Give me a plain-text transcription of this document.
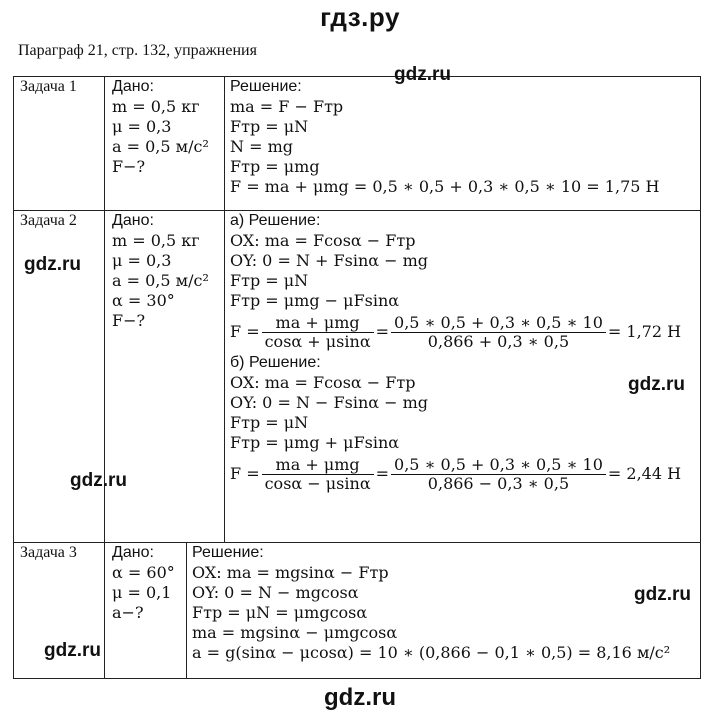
гдз.ру
Параграф 21, стр. 132, упражнения
Задача 1 Дано:
m = 0,5 кг
μ = 0,3
a = 0,5 м/с²
F−?
Решение:
ma = F − Fтр
Fтр = μN
N = mg
Fтр = μmg
F = ma + μmg = 0,5 ∗ 0,5 + 0,3 ∗ 0,5 ∗ 10 = 1,75 Н
Задача 2 Дано:
m = 0,5 кг
μ = 0,3
a = 0,5 м/с²
α = 30°
F−?
а) Решение:
OX: ma = Fcosα − Fтр
OY: 0 = N + Fsinα − mg
Fтр = μN
Fтр = μmg − μFsinα
$F = \frac{\text{ma + μmg}}{\cos\alpha + \mu\sin\alpha} = \frac{0,5 ∗ 0,5 + 0,3 ∗ 0,5 ∗ 10}{0,866 + 0,3 ∗ 0,5} = 1,72$ Н
б) Решение:
OX: ma = Fcosα − Fтр
OY: 0 = N − Fsinα − mg
Fтр = μN
Fтр = μmg + μFsinα
$F = \frac{\text{ma + μmg}}{\cos\alpha - \mu\sin\alpha} = \frac{0,5 ∗ 0,5 + 0,3 ∗ 0,5 ∗ 10}{0,866 - 0,3 ∗ 0,5} = 2,44$ Н
Задача 3 Дано:
α = 60°
μ = 0,1
a−?
Решение:
OX: ma = mgsinα − Fтр
OY: 0 = N − mgcosα
Fтр = μN = μmgcosα
ma = mgsinα − μmgcosα
a = g(sinα − μcosα) = 10 ∗ (0,866 − 0,1 ∗ 0,5) = 8,16 м/с²
gdz.ru
gdz.ru
gdz.ru
gdz.ru
gdz.ru
gdz.ru
gdz.ru
